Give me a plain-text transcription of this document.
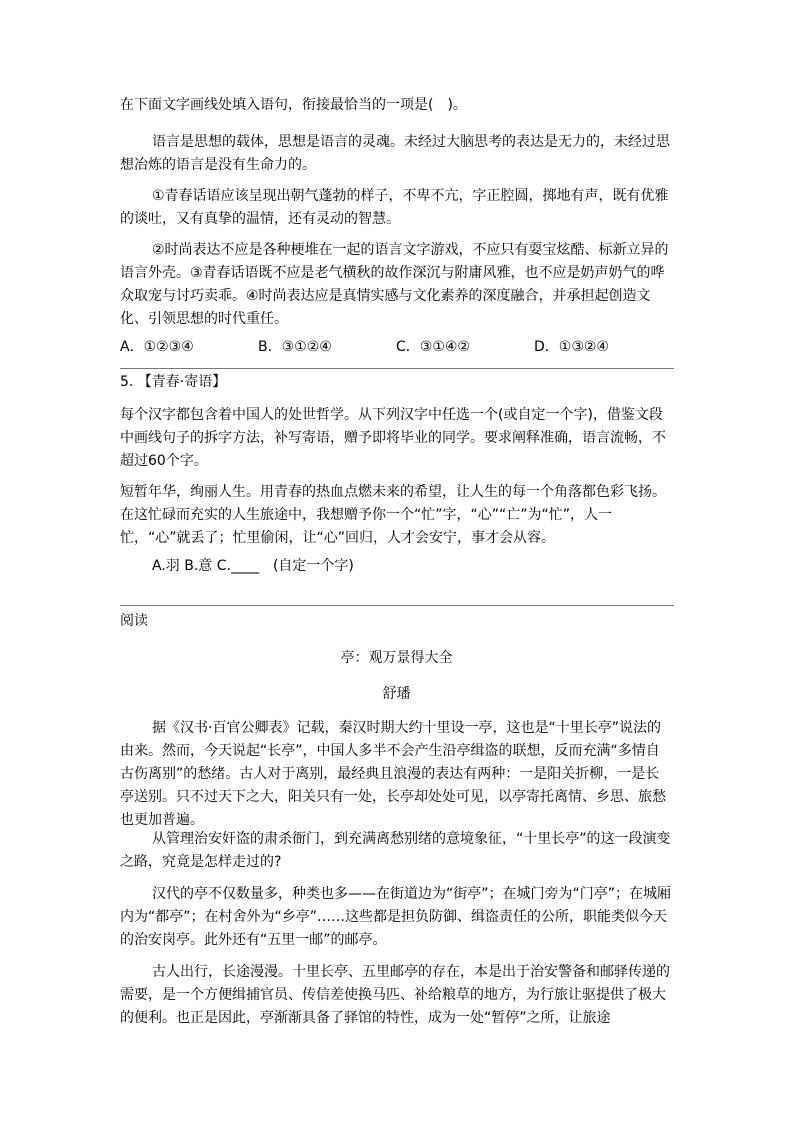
在下面文字画线处填入语句，衔接最恰当的一项是(　)。

语言是思想的载体，思想是语言的灵魂。未经过大脑思考的表达是无力的，未经过思想冶炼的语言是没有生命力的。

①青春话语应该呈现出朝气蓬勃的样子，不卑不亢，字正腔圆，掷地有声，既有优雅的谈吐，又有真挚的温情，还有灵动的智慧。

②时尚表达不应是各种梗堆在一起的语言文字游戏，不应只有耍宝炫酷、标新立异的语言外壳。③青春话语既不应是老气横秋的故作深沉与附庸风雅，也不应是奶声奶气的哗众取宠与讨巧卖乖。④时尚表达应是真情实感与文化素养的深度融合，并承担起创造文化、引领思想的时代重任。

A．①②③④	B．③①②④	C．③①④②	D．①③②④

5. 【青春·寄语】

每个汉字都包含着中国人的处世哲学。从下列汉字中任选一个(或自定一个字)，借鉴文段中画线句子的拆字方法，补写寄语，赠予即将毕业的同学。要求阐释准确，语言流畅，不超过60个字。

短暂年华，绚丽人生。用青春的热血点燃未来的希望，让人生的每一个角落都色彩飞扬。在这忙碌而充实的人生旅途中，我想赠予你一个“忙”字，“心”“亡”为“忙”，人一忙，“心”就丢了；忙里偷闲，让“心”回归，人才会安宁，事才会从容。

A.羽 B.意 C.____　(自定一个字)

阅读

亭：观万景得大全

舒璠

据《汉书·百官公卿表》记载，秦汉时期大约十里设一亭，这也是“十里长亭”说法的由来。然而，今天说起“长亭”，中国人多半不会产生沿亭缉盗的联想，反而充满“多情自古伤离别”的愁绪。古人对于离别，最经典且浪漫的表达有两种：一是阳关折柳，一是长亭送别。只不过天下之大，阳关只有一处，长亭却处处可见，以亭寄托离情、乡思、旅愁也更加普遍。

从管理治安奸盗的肃杀衙门，到充满离愁别绪的意境象征，“十里长亭”的这一段演变之路，究竟是怎样走过的?

汉代的亭不仅数量多，种类也多——在街道边为“街亭”；在城门旁为“门亭”；在城厢内为“都亭”；在村舍外为“乡亭”……这些都是担负防御、缉盗责任的公所，职能类似今天的治安岗亭。此外还有“五里一邮”的邮亭。

古人出行，长途漫漫。十里长亭、五里邮亭的存在，本是出于治安警备和邮驿传递的需要，是一个方便缉捕官员、传信差使换马匹、补给粮草的地方，为行旅让驱提供了极大的便利。也正是因此，亭渐渐具备了驿馆的特性，成为一处“暂停”之所，让旅途
